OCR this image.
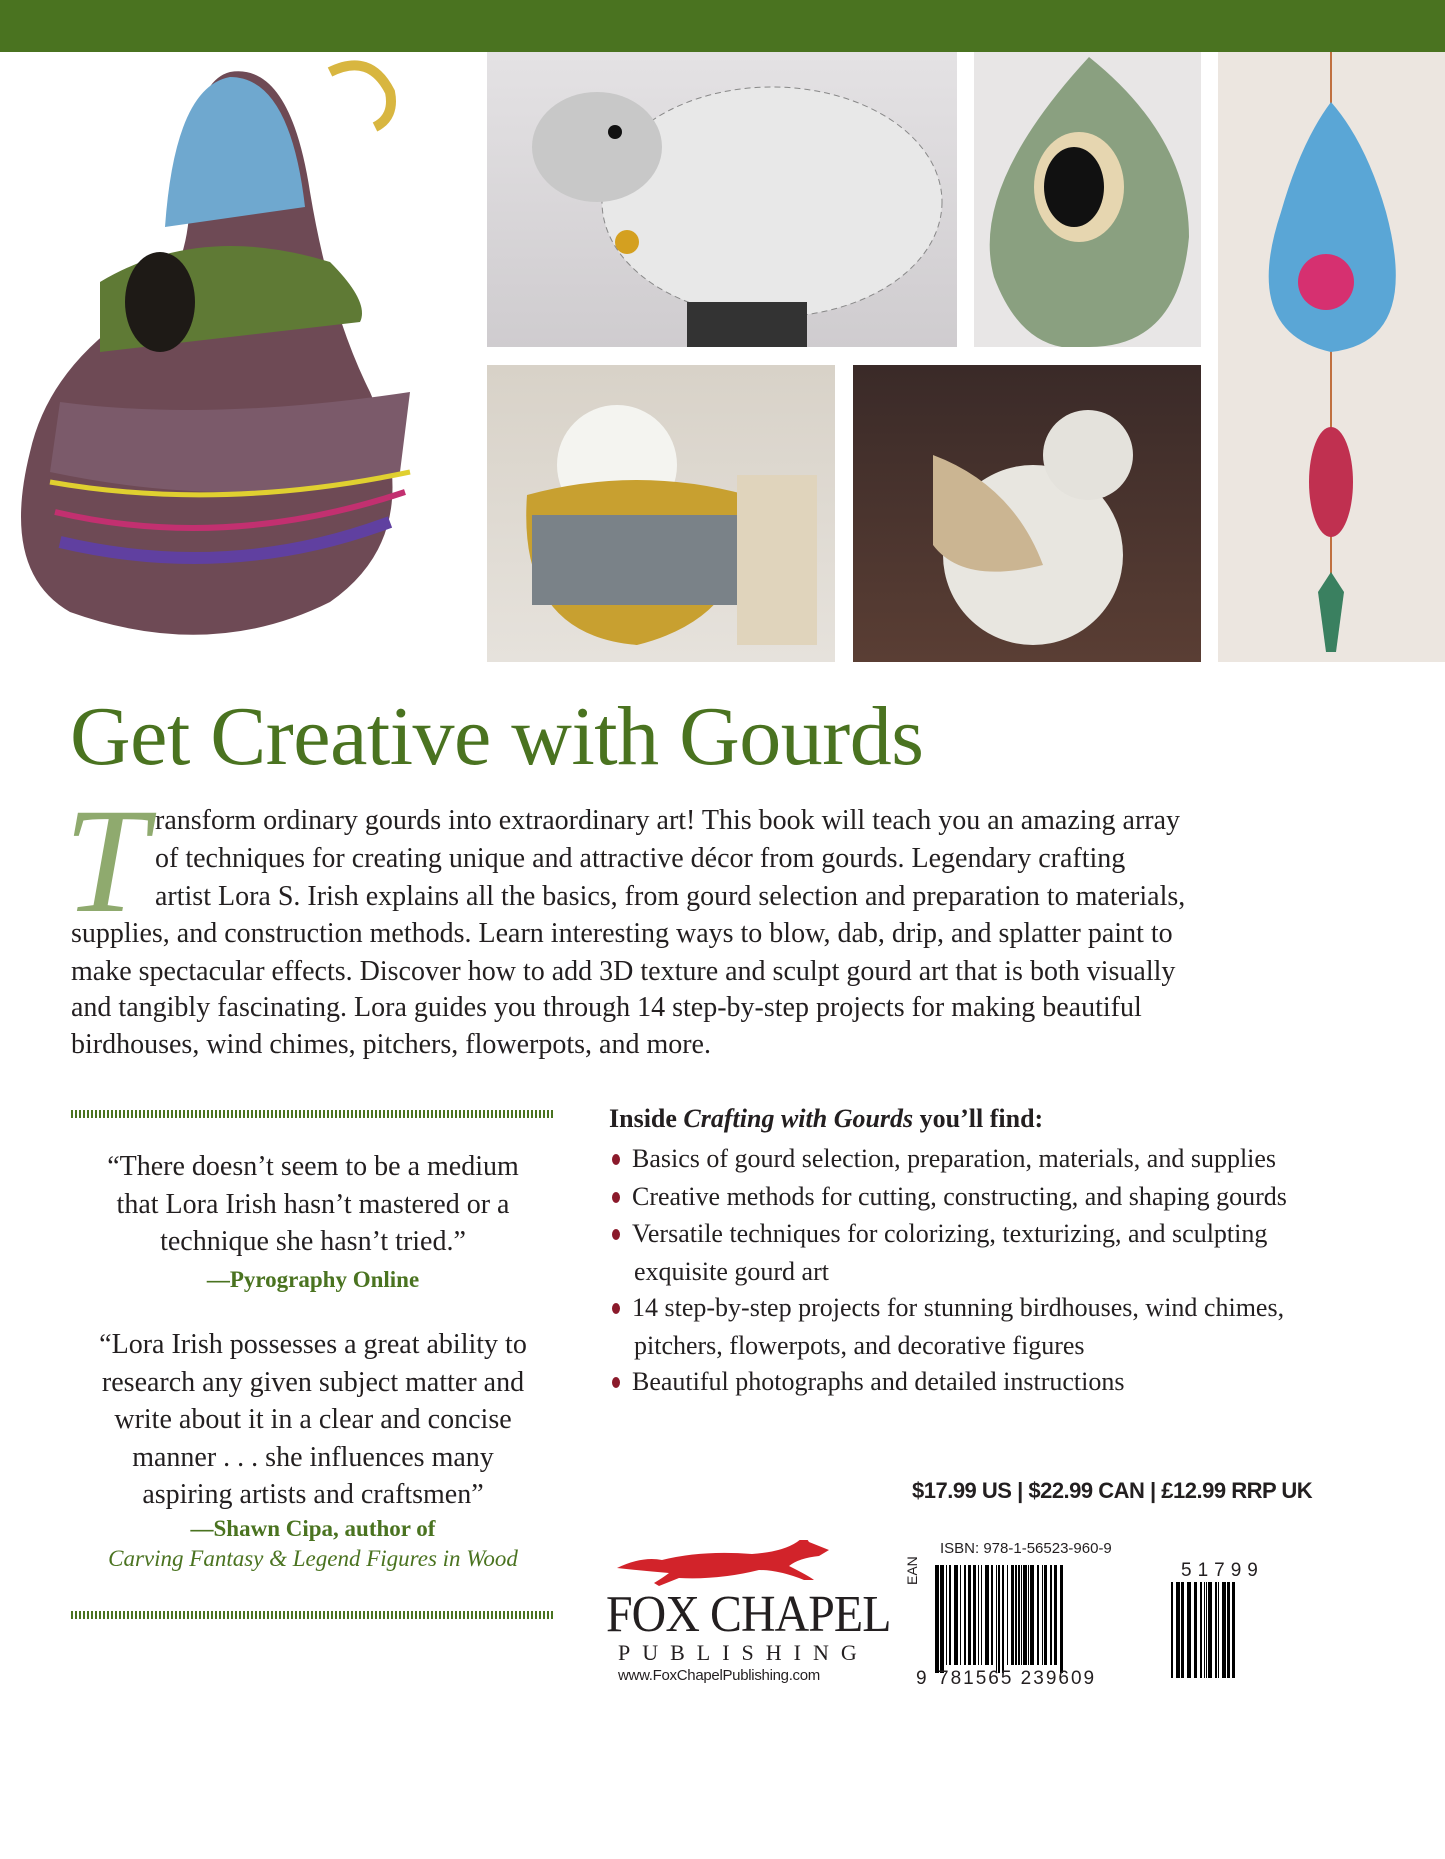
Get Creative with Gourds
T ransform ordinary gourds into extraordinary art! This book will teach you an amazing array
of techniques for creating unique and attractive décor from gourds. Legendary crafting
artist Lora S. Irish explains all the basics, from gourd selection and preparation to materials,
supplies, and construction methods. Learn interesting ways to blow, dab, drip, and splatter paint to
make spectacular effects. Discover how to add 3D texture and sculpt gourd art that is both visually
and tangibly fascinating. Lora guides you through 14 step-by-step projects for making beautiful
birdhouses, wind chimes, pitchers, flowerpots, and more.
“There doesn’t seem to be a medium
that Lora Irish hasn’t mastered or a
technique she hasn’t tried.”
—Pyrography Online
“Lora Irish possesses a great ability to
research any given subject matter and
write about it in a clear and concise
manner . . . she influences many
aspiring artists and craftsmen”
—Shawn Cipa, author of
Carving Fantasy & Legend Figures in Wood
Inside Crafting with Gourds you’ll find:
Basics of gourd selection, preparation, materials, and supplies
Creative methods for cutting, constructing, and shaping gourds
Versatile techniques for colorizing, texturizing, and sculpting
exquisite gourd art
14 step-by-step projects for stunning birdhouses, wind chimes,
pitchers, flowerpots, and decorative figures
Beautiful photographs and detailed instructions
$17.99 US | $22.99 CAN | £12.99 RRP UK
FOX CHAPEL
PUBLISHING
www.FoxChapelPublishing.com
ISBN: 978-1-56523-960-9
EAN
9 781565 239609
51799
